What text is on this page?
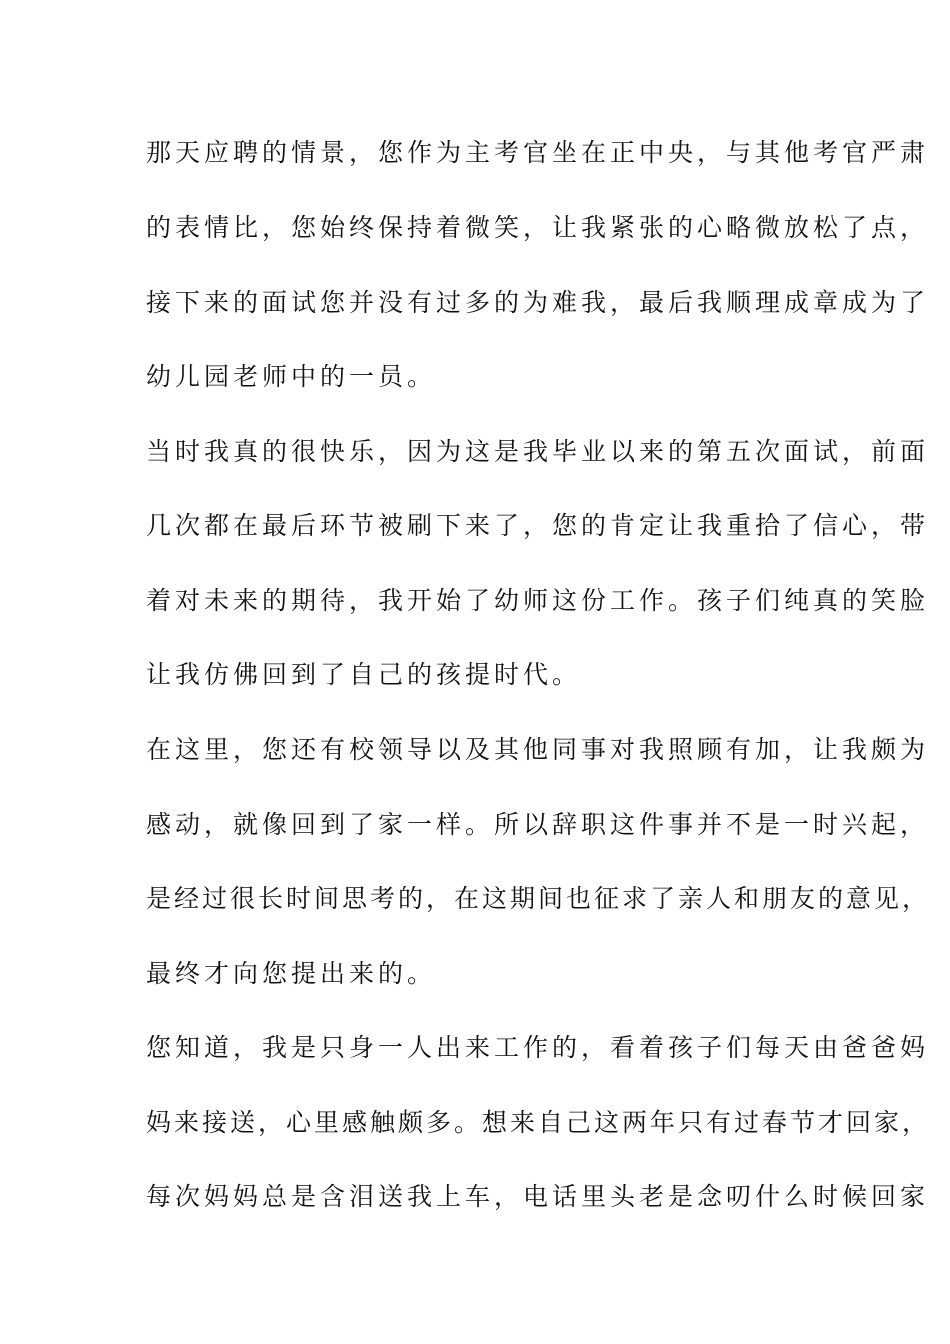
那天应聘的情景，您作为主考官坐在正中央，与其他考官严肃
的表情比，您始终保持着微笑，让我紧张的心略微放松了点，
接下来的面试您并没有过多的为难我，最后我顺理成章成为了
幼儿园老师中的一员。
当时我真的很快乐，因为这是我毕业以来的第五次面试，前面
几次都在最后环节被刷下来了，您的肯定让我重拾了信心，带
着对未来的期待，我开始了幼师这份工作。孩子们纯真的笑脸
让我仿佛回到了自己的孩提时代。
在这里，您还有校领导以及其他同事对我照顾有加，让我颇为
感动，就像回到了家一样。所以辞职这件事并不是一时兴起，
是经过很长时间思考的，在这期间也征求了亲人和朋友的意见，
最终才向您提出来的。
您知道，我是只身一人出来工作的，看着孩子们每天由爸爸妈
妈来接送，心里感触颇多。想来自己这两年只有过春节才回家，
每次妈妈总是含泪送我上车，电话里头老是念叨什么时候回家
